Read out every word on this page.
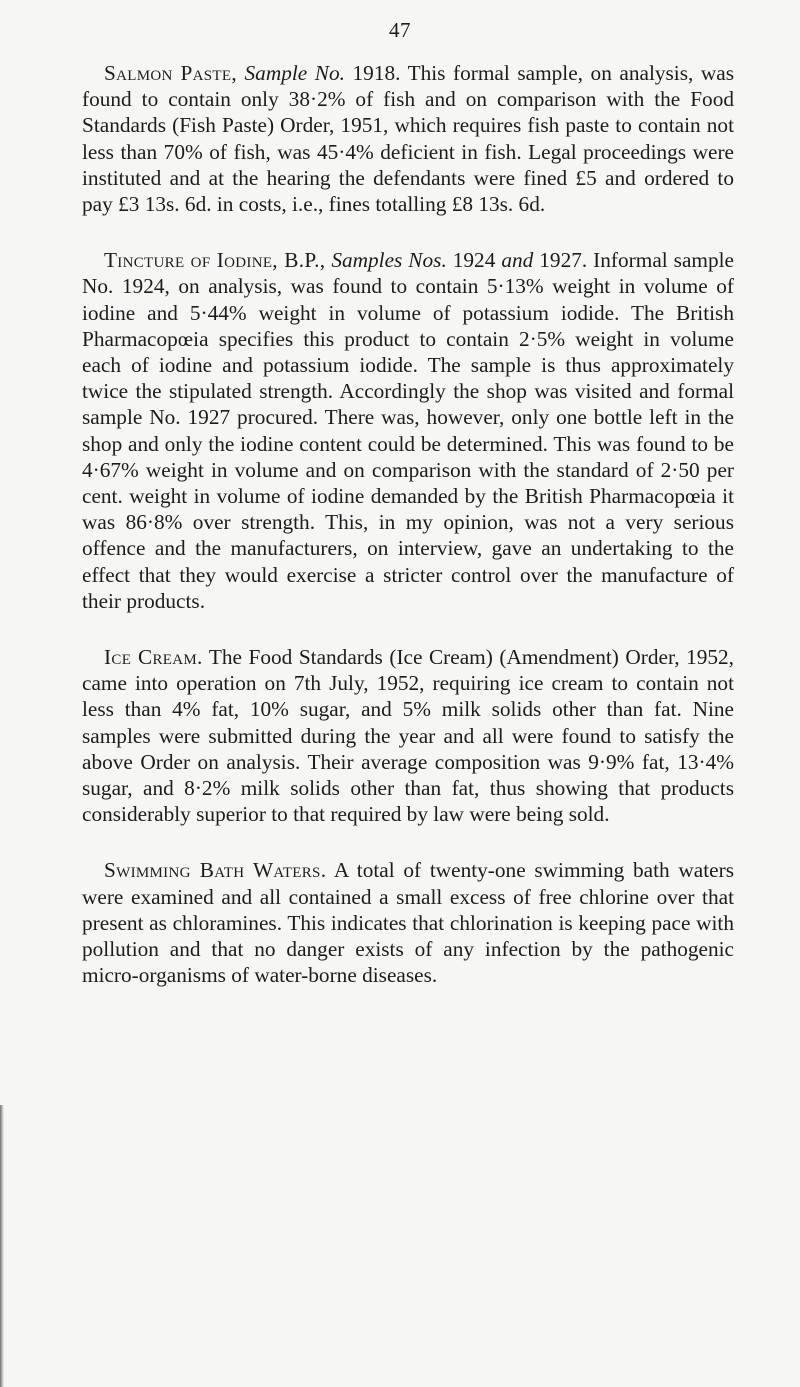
47

Salmon Paste, Sample No. 1918. This formal sample, on analysis, was found to contain only 38·2% of fish and on comparison with the Food Standards (Fish Paste) Order, 1951, which requires fish paste to contain not less than 70% of fish, was 45·4% deficient in fish. Legal proceedings were instituted and at the hearing the defendants were fined £5 and ordered to pay £3 13s. 6d. in costs, i.e., fines totalling £8 13s. 6d.

Tincture of Iodine, B.P., Samples Nos. 1924 and 1927. Informal sample No. 1924, on analysis, was found to contain 5·13% weight in volume of iodine and 5·44% weight in volume of potassium iodide. The British Pharmacopœia specifies this product to contain 2·5% weight in volume each of iodine and potassium iodide. The sample is thus approximately twice the stipulated strength. Accordingly the shop was visited and formal sample No. 1927 procured. There was, however, only one bottle left in the shop and only the iodine content could be determined. This was found to be 4·67% weight in volume and on comparison with the standard of 2·50 per cent. weight in volume of iodine demanded by the British Pharmacopœia it was 86·8% over strength. This, in my opinion, was not a very serious offence and the manufacturers, on interview, gave an undertaking to the effect that they would exercise a stricter control over the manufacture of their products.

Ice Cream. The Food Standards (Ice Cream) (Amendment) Order, 1952, came into operation on 7th July, 1952, requiring ice cream to contain not less than 4% fat, 10% sugar, and 5% milk solids other than fat. Nine samples were submitted during the year and all were found to satisfy the above Order on analysis. Their average composition was 9·9% fat, 13·4% sugar, and 8·2% milk solids other than fat, thus showing that products considerably superior to that required by law were being sold.

Swimming Bath Waters. A total of twenty-one swimming bath waters were examined and all contained a small excess of free chlorine over that present as chloramines. This indicates that chlorination is keeping pace with pollution and that no danger exists of any infection by the pathogenic micro-organisms of water-borne diseases.
